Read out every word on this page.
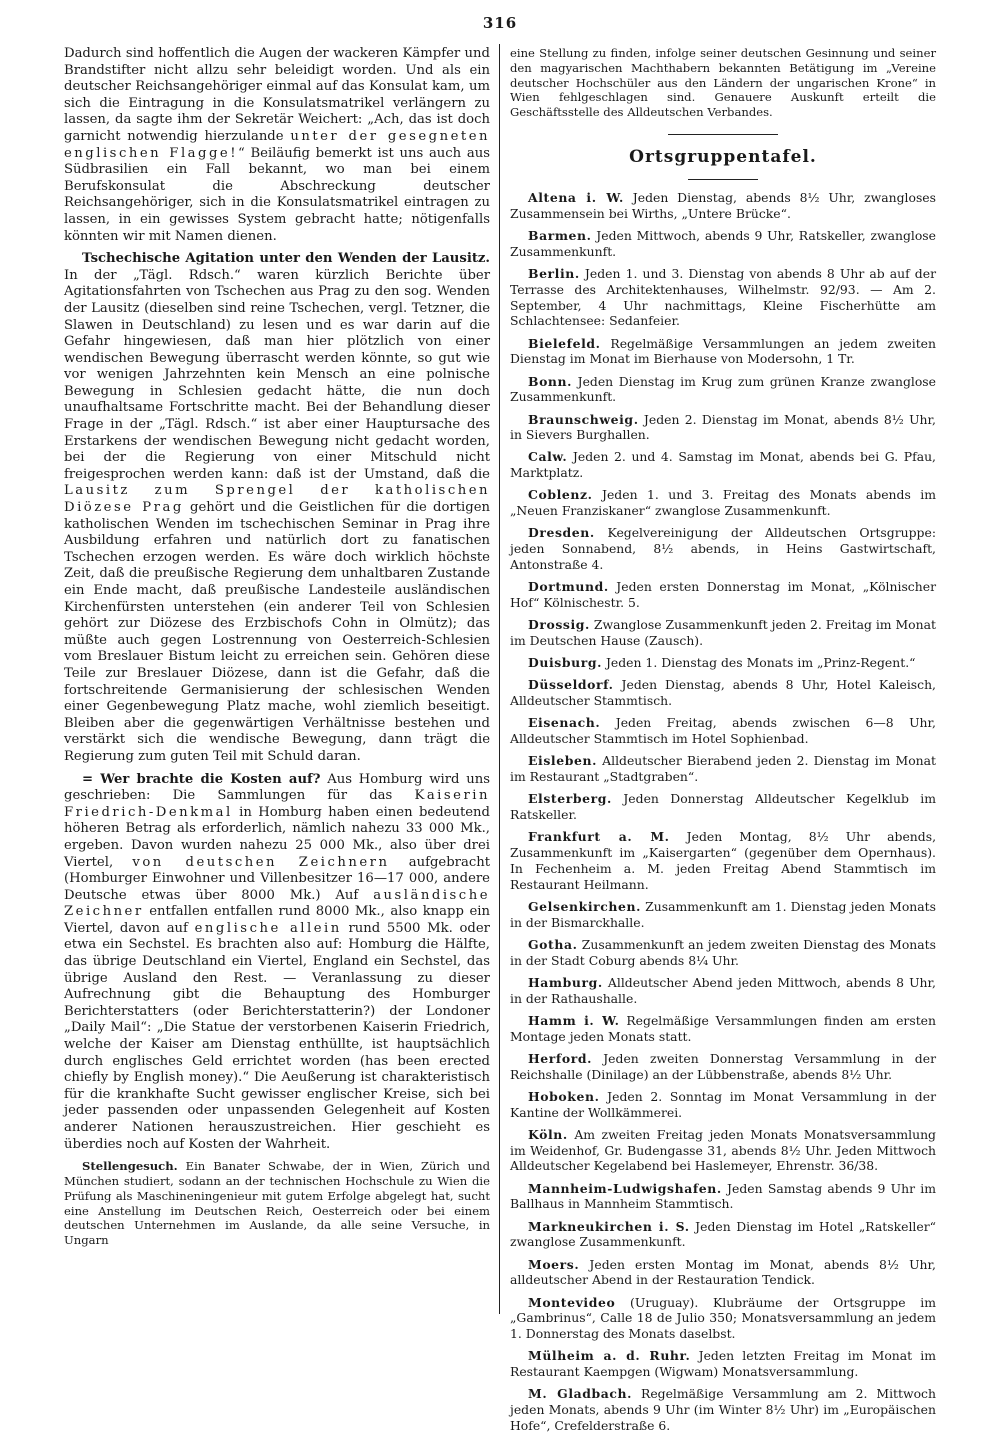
316

Dadurch sind hoffentlich die Augen der wackeren Kämpfer und Brandstifter nicht allzu sehr beleidigt worden. Und als ein deutscher Reichsangehöriger einmal auf das Konsulat kam, um sich die Eintragung in die Konsulatsmatrikel verlängern zu lassen, da sagte ihm der Sekretär Weichert: „Ach, das ist doch garnicht notwendig hierzulande unter der gesegneten englischen Flagge!“ Beiläufig bemerkt ist uns auch aus Südbrasilien ein Fall bekannt, wo man bei einem Berufskonsulat die Abschreckung deutscher Reichsangehöriger, sich in die Konsulatsmatrikel eintragen zu lassen, in ein gewisses System gebracht hatte; nötigenfalls könnten wir mit Namen dienen.

Tschechische Agitation unter den Wenden der Lausitz. In der „Tägl. Rdsch.“ waren kürzlich Berichte über Agitationsfahrten von Tschechen aus Prag zu den sog. Wenden der Lausitz (dieselben sind reine Tschechen, vergl. Tetzner, die Slawen in Deutschland) zu lesen und es war darin auf die Gefahr hingewiesen, daß man hier plötzlich von einer wendischen Bewegung überrascht werden könnte, so gut wie vor wenigen Jahrzehnten kein Mensch an eine polnische Bewegung in Schlesien gedacht hätte, die nun doch unaufhaltsame Fortschritte macht. Bei der Behandlung dieser Frage in der „Tägl. Rdsch.“ ist aber einer Hauptursache des Erstarkens der wendischen Bewegung nicht gedacht worden, bei der die Regierung von einer Mitschuld nicht freigesprochen werden kann: daß ist der Umstand, daß die Lausitz zum Sprengel der katholischen Diözese Prag gehört und die Geistlichen für die dortigen katholischen Wenden im tschechischen Seminar in Prag ihre Ausbildung erfahren und natürlich dort zu fanatischen Tschechen erzogen werden. Es wäre doch wirklich höchste Zeit, daß die preußische Regierung dem unhaltbaren Zustande ein Ende macht, daß preußische Landesteile ausländischen Kirchenfürsten unterstehen (ein anderer Teil von Schlesien gehört zur Diözese des Erzbischofs Cohn in Olmütz); das müßte auch gegen Lostrennung von Oesterreich-Schlesien vom Breslauer Bistum leicht zu erreichen sein. Gehören diese Teile zur Breslauer Diözese, dann ist die Gefahr, daß die fortschreitende Germanisierung der schlesischen Wenden einer Gegenbewegung Platz mache, wohl ziemlich beseitigt. Bleiben aber die gegenwärtigen Verhältnisse bestehen und verstärkt sich die wendische Bewegung, dann trägt die Regierung zum guten Teil mit Schuld daran.

= Wer brachte die Kosten auf? Aus Homburg wird uns geschrieben: Die Sammlungen für das Kaiserin Friedrich-Denkmal in Homburg haben einen bedeutend höheren Betrag als erforderlich, nämlich nahezu 33 000 Mk., ergeben. Davon wurden nahezu 25 000 Mk., also über drei Viertel, von deutschen Zeichnern aufgebracht (Homburger Einwohner und Villenbesitzer 16—17 000, andere Deutsche etwas über 8000 Mk.) Auf ausländische Zeichner entfallen entfallen rund 8000 Mk., also knapp ein Viertel, davon auf englische allein rund 5500 Mk. oder etwa ein Sechstel. Es brachten also auf: Homburg die Hälfte, das übrige Deutschland ein Viertel, England ein Sechstel, das übrige Ausland den Rest. — Veranlassung zu dieser Aufrechnung gibt die Behauptung des Homburger Berichterstatters (oder Berichterstatterin?) der Londoner „Daily Mail“: „Die Statue der verstorbenen Kaiserin Friedrich, welche der Kaiser am Dienstag enthüllte, ist hauptsächlich durch englisches Geld errichtet worden (has been erected chiefly by English money).“ Die Aeußerung ist charakteristisch für die krankhafte Sucht gewisser englischer Kreise, sich bei jeder passenden oder unpassenden Gelegenheit auf Kosten anderer Nationen herauszustreichen. Hier geschieht es überdies noch auf Kosten der Wahrheit.

Stellengesuch. Ein Banater Schwabe, der in Wien, Zürich und München studiert, sodann an der technischen Hochschule zu Wien die Prüfung als Maschineningenieur mit gutem Erfolge abgelegt hat, sucht eine Anstellung im Deutschen Reich, Oesterreich oder bei einem deutschen Unternehmen im Auslande, da alle seine Versuche, in Ungarn

eine Stellung zu finden, infolge seiner deutschen Gesinnung und seiner den magyarischen Machthabern bekannten Betätigung im „Vereine deutscher Hochschüler aus den Ländern der ungarischen Krone“ in Wien fehlgeschlagen sind. Genauere Auskunft erteilt die Geschäftsstelle des Alldeutschen Verbandes.

Ortsgruppentafel.

Altena i. W. Jeden Dienstag, abends 8½ Uhr, zwangloses Zusammensein bei Wirths, „Untere Brücke“.

Barmen. Jeden Mittwoch, abends 9 Uhr, Ratskeller, zwanglose Zusammenkunft.

Berlin. Jeden 1. und 3. Dienstag von abends 8 Uhr ab auf der Terrasse des Architektenhauses, Wilhelmstr. 92/93. — Am 2. September, 4 Uhr nachmittags, Kleine Fischerhütte am Schlachtensee: Sedanfeier.

Bielefeld. Regelmäßige Versammlungen an jedem zweiten Dienstag im Monat im Bierhause von Modersohn, 1 Tr.

Bonn. Jeden Dienstag im Krug zum grünen Kranze zwanglose Zusammenkunft.

Braunschweig. Jeden 2. Dienstag im Monat, abends 8½ Uhr, in Sievers Burghallen.

Calw. Jeden 2. und 4. Samstag im Monat, abends bei G. Pfau, Marktplatz.

Coblenz. Jeden 1. und 3. Freitag des Monats abends im „Neuen Franziskaner“ zwanglose Zusammenkunft.

Dresden. Kegelvereinigung der Alldeutschen Ortsgruppe: jeden Sonnabend, 8½ abends, in Heins Gastwirtschaft, Antonstraße 4.

Dortmund. Jeden ersten Donnerstag im Monat, „Kölnischer Hof“ Kölnischestr. 5.

Drossig. Zwanglose Zusammenkunft jeden 2. Freitag im Monat im Deutschen Hause (Zausch).

Duisburg. Jeden 1. Dienstag des Monats im „Prinz-Regent.“

Düsseldorf. Jeden Dienstag, abends 8 Uhr, Hotel Kaleisch, Alldeutscher Stammtisch.

Eisenach. Jeden Freitag, abends zwischen 6—8 Uhr, Alldeutscher Stammtisch im Hotel Sophienbad.

Eisleben. Alldeutscher Bierabend jeden 2. Dienstag im Monat im Restaurant „Stadtgraben“.

Elsterberg. Jeden Donnerstag Alldeutscher Kegelklub im Ratskeller.

Frankfurt a. M. Jeden Montag, 8½ Uhr abends, Zusammenkunft im „Kaisergarten“ (gegenüber dem Opernhaus). In Fechenheim a. M. jeden Freitag Abend Stammtisch im Restaurant Heilmann.

Gelsenkirchen. Zusammenkunft am 1. Dienstag jeden Monats in der Bismarckhalle.

Gotha. Zusammenkunft an jedem zweiten Dienstag des Monats in der Stadt Coburg abends 8¼ Uhr.

Hamburg. Alldeutscher Abend jeden Mittwoch, abends 8 Uhr, in der Rathaushalle.

Hamm i. W. Regelmäßige Versammlungen finden am ersten Montage jeden Monats statt.

Herford. Jeden zweiten Donnerstag Versammlung in der Reichshalle (Dinilage) an der Lübbenstraße, abends 8½ Uhr.

Hoboken. Jeden 2. Sonntag im Monat Versammlung in der Kantine der Wollkämmerei.

Köln. Am zweiten Freitag jeden Monats Monatsversammlung im Weidenhof, Gr. Budengasse 31, abends 8½ Uhr. Jeden Mittwoch Alldeutscher Kegelabend bei Haslemeyer, Ehrenstr. 36/38.

Mannheim-Ludwigshafen. Jeden Samstag abends 9 Uhr im Ballhaus in Mannheim Stammtisch.

Markneukirchen i. S. Jeden Dienstag im Hotel „Ratskeller“ zwanglose Zusammenkunft.

Moers. Jeden ersten Montag im Monat, abends 8½ Uhr, alldeutscher Abend in der Restauration Tendick.

Montevideo (Uruguay). Klubräume der Ortsgruppe im „Gambrinus“, Calle 18 de Julio 350; Monatsversammlung an jedem 1. Donnerstag des Monats daselbst.

Mülheim a. d. Ruhr. Jeden letzten Freitag im Monat im Restaurant Kaempgen (Wigwam) Monatsversammlung.

M. Gladbach. Regelmäßige Versammlung am 2. Mittwoch jeden Monats, abends 9 Uhr (im Winter 8½ Uhr) im „Europäischen Hofe“, Crefelderstraße 6.
